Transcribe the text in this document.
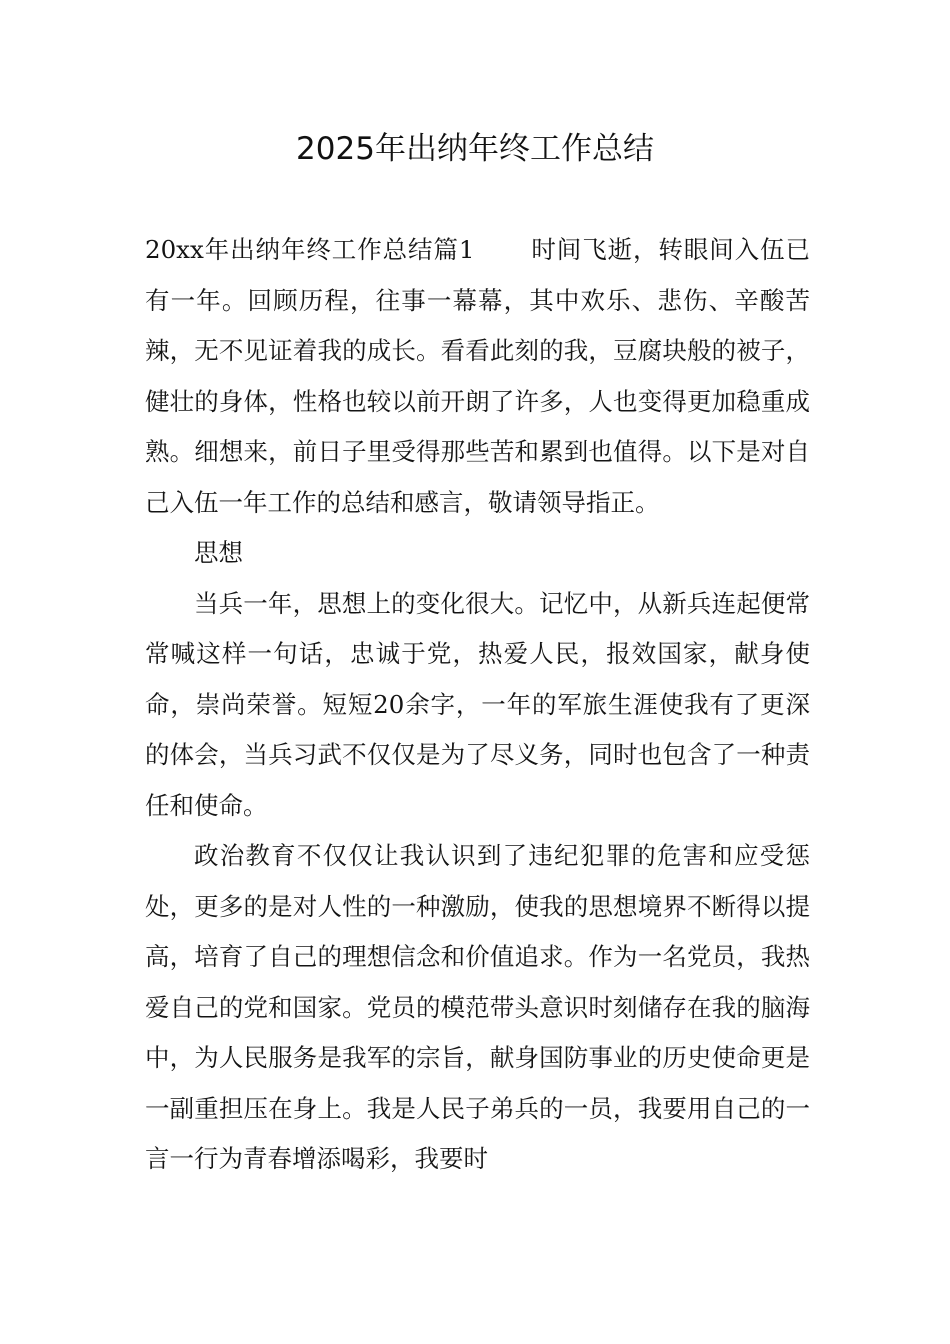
2025年出纳年终工作总结

20xx年出纳年终工作总结篇1 时间飞逝，转眼间入伍已有一年。回顾历程，往事一幕幕，其中欢乐、悲伤、辛酸苦辣，无不见证着我的成长。看看此刻的我，豆腐块般的被子，健壮的身体，性格也较以前开朗了许多，人也变得更加稳重成熟。细想来，前日子里受得那些苦和累到也值得。以下是对自己入伍一年工作的总结和感言，敬请领导指正。

思想

当兵一年，思想上的变化很大。记忆中，从新兵连起便常常喊这样一句话，忠诚于党，热爱人民，报效国家，献身使命，崇尚荣誉。短短20余字，一年的军旅生涯使我有了更深的体会，当兵习武不仅仅是为了尽义务，同时也包含了一种责任和使命。

政治教育不仅仅让我认识到了违纪犯罪的危害和应受惩处，更多的是对人性的一种激励，使我的思想境界不断得以提高，培育了自己的理想信念和价值追求。作为一名党员，我热爱自己的党和国家。党员的模范带头意识时刻储存在我的脑海中，为人民服务是我军的宗旨，献身国防事业的历史使命更是一副重担压在身上。我是人民子弟兵的一员，我要用自己的一言一行为青春增添喝彩，我要时
